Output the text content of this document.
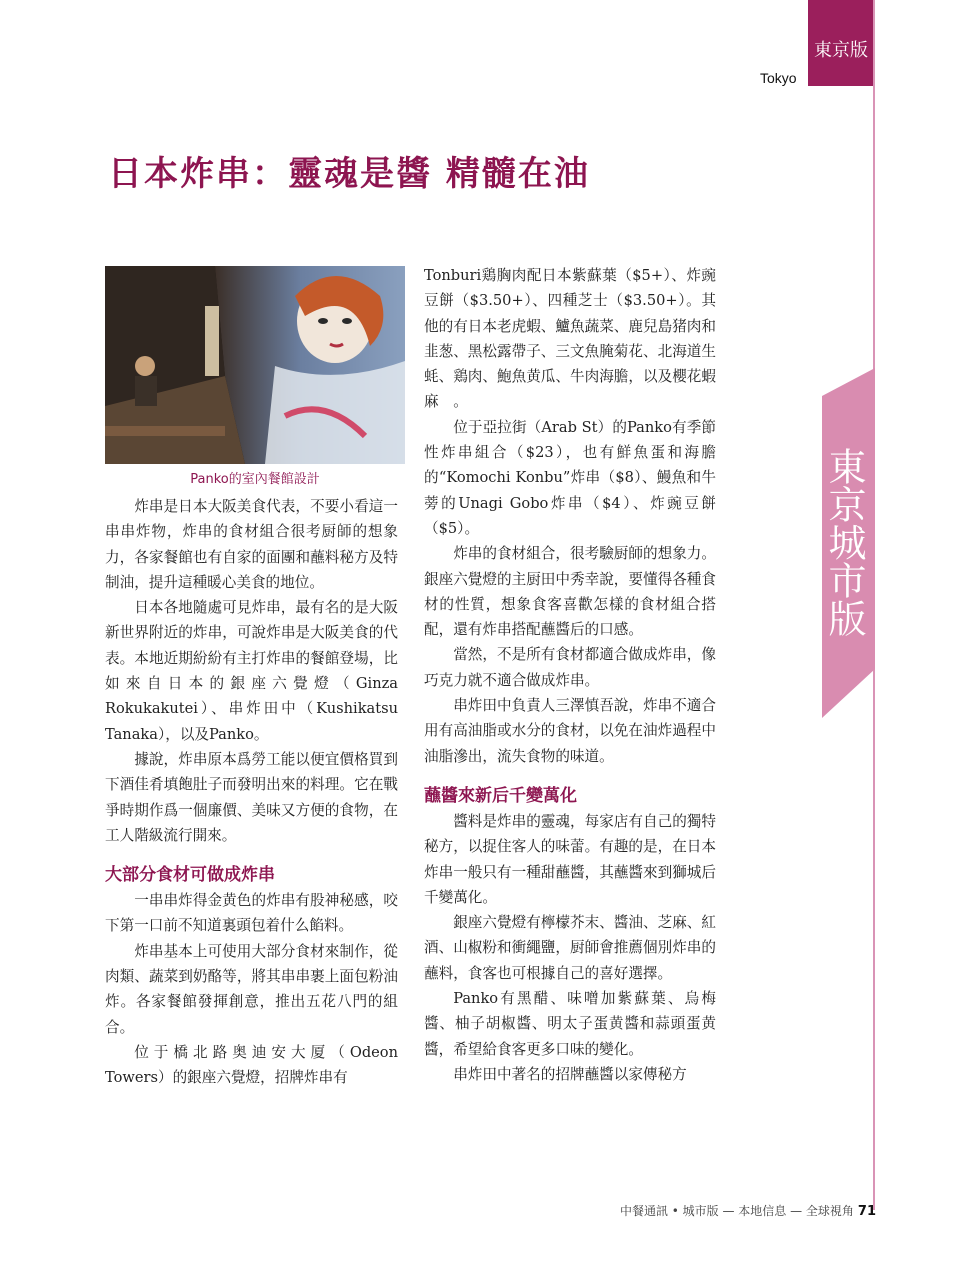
東京版
Tokyo
東京城市版
日本炸串：靈魂是醬 精髓在油
Panko的室內餐館設計

炸串是日本大阪美食代表，不要小看這一串串炸物，炸串的食材組合很考厨師的想象力，各家餐館也有自家的面團和蘸料秘方及特制油，提升這種暖心美食的地位。

日本各地隨處可見炸串，最有名的是大阪新世界附近的炸串，可說炸串是大阪美食的代表。本地近期紛紛有主打炸串的餐館登場，比如來自日本的銀座六覺燈（Ginza Rokukakutei）、串炸田中（Kushikatsu Tanaka），以及Panko。

據說，炸串原本爲勞工能以便宜價格買到下酒佳肴填飽肚子而發明出來的料理。它在戰爭時期作爲一個廉價、美味又方便的食物，在工人階級流行開來。

大部分食材可做成炸串

一串串炸得金黄色的炸串有股神秘感，咬下第一口前不知道裏頭包着什么餡料。

炸串基本上可使用大部分食材來制作，從肉類、蔬菜到奶酪等，將其串串裹上面包粉油炸。各家餐館發揮創意，推出五花八門的組合。

位于橋北路奥迪安大厦（Odeon Towers）的銀座六覺燈，招牌炸串有

Tonburi鶏胸肉配日本紫蘇葉（$5+）、炸豌豆餅（$3.50+）、四種芝士（$3.50+）。其他的有日本老虎蝦、鱸魚蔬菜、鹿兒島猪肉和韭葱、黑松露帶子、三文魚腌菊花、北海道生蚝、鶏肉、鮑魚黄瓜、牛肉海膽，以及櫻花蝦麻　。

位于亞拉街（Arab St）的Panko有季節性炸串組合（$23），也有鮮魚蛋和海膽的“Komochi Konbu”炸串（$8）、鰻魚和牛蒡的Unagi Gobo炸串（$4）、炸豌豆餅（$5）。

炸串的食材組合，很考驗厨師的想象力。銀座六覺燈的主厨田中秀幸說，要懂得各種食材的性質，想象食客喜歡怎樣的食材組合搭配，還有炸串搭配蘸醬后的口感。

當然，不是所有食材都適合做成炸串，像巧克力就不適合做成炸串。

串炸田中負責人三澤慎吾說，炸串不適合用有高油脂或水分的食材，以免在油炸過程中油脂滲出，流失食物的味道。

蘸醬來新后千變萬化

醬料是炸串的靈魂，每家店有自己的獨特秘方，以捉住客人的味蕾。有趣的是，在日本炸串一般只有一種甜蘸醬，其蘸醬來到獅城后千變萬化。

銀座六覺燈有檸檬芥末、醬油、芝麻、紅酒、山椒粉和衝繩鹽，厨師會推薦個別炸串的蘸料，食客也可根據自己的喜好選擇。

Panko有黑醋、味噌加紫蘇葉、烏梅醬、柚子胡椒醬、明太子蛋黄醬和蒜頭蛋黄醬，希望給食客更多口味的變化。

串炸田中著名的招牌蘸醬以家傳秘方

中餐通訊 • 城市版 — 本地信息 — 全球視角 71
